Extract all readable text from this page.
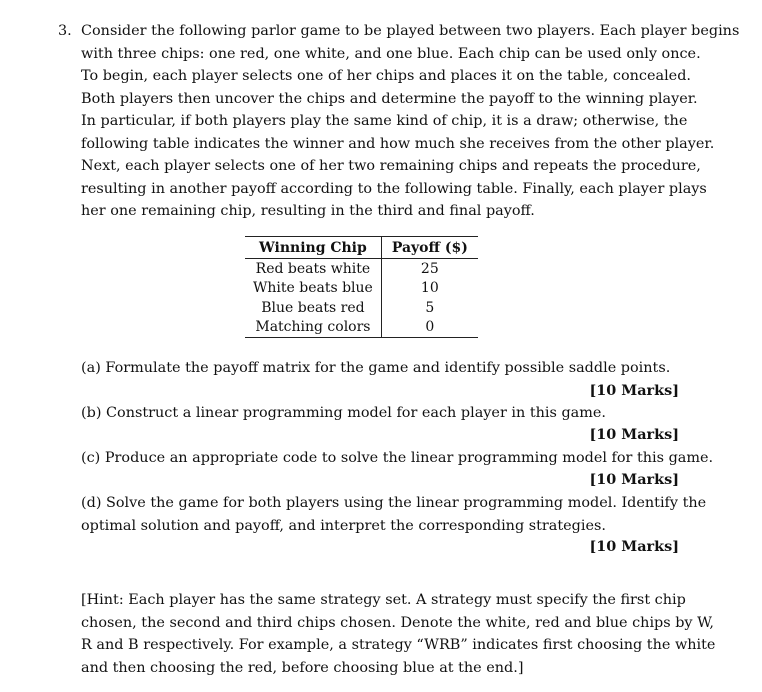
3. Consider the following parlor game to be played between two players. Each player begins
with three chips: one red, one white, and one blue. Each chip can be used only once.
To begin, each player selects one of her chips and places it on the table, concealed.
Both players then uncover the chips and determine the payoff to the winning player.
In particular, if both players play the same kind of chip, it is a draw; otherwise, the
following table indicates the winner and how much she receives from the other player.
Next, each player selects one of her two remaining chips and repeats the procedure,
resulting in another payoff according to the following table. Finally, each player plays
her one remaining chip, resulting in the third and final payoff.

Winning Chip	Payoff ($)
Red beats white	25
White beats blue	10
Blue beats red	5
Matching colors	0
(a) Formulate the payoff matrix for the game and identify possible saddle points.
[10 Marks]
(b) Construct a linear programming model for each player in this game.
[10 Marks]
(c) Produce an appropriate code to solve the linear programming model for this game.
[10 Marks]
(d) Solve the game for both players using the linear programming model. Identify the
optimal solution and payoff, and interpret the corresponding strategies.
[10 Marks]
[Hint: Each player has the same strategy set. A strategy must specify the first chip
chosen, the second and third chips chosen. Denote the white, red and blue chips by W,
R and B respectively. For example, a strategy “WRB” indicates first choosing the white
and then choosing the red, before choosing blue at the end.]
